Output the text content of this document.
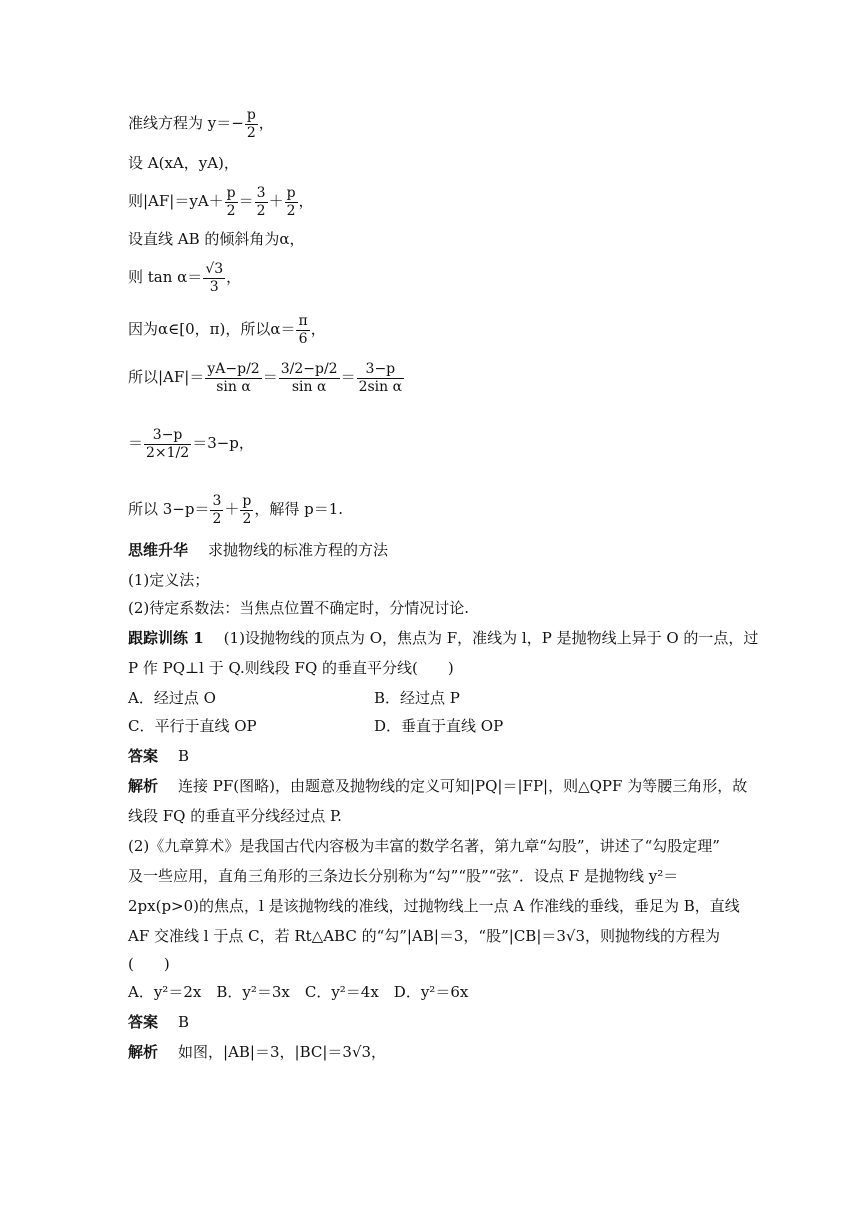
准线方程为 $y=- \frac{p}{2}$ ，
设 A(xA，yA)，
则$|AF|=yA+ \frac{p}{2} = \frac{3}{2} + \frac{p}{2}$ ，
设直线 AB 的倾斜角为α，
则 $\tan \alpha= \frac{√3}{3}$ ，
因为α∈[0，π)，所以$\alpha= \frac{\pi}{6}$ ，
所以$|AF|= \frac{yA-p/2}{\text{sin α}} = \frac{3/2-p/2}{\text{sin α}} = \frac{3-p}{\text{2sin α}}$
＝ $\frac{3-p}{2\times 1/2} =3-p$，
所以 $3-p= \frac{3}{2} + \frac{p}{2}$ ，解得 p＝1.
思维升华 求抛物线的标准方程的方法
(1)定义法；
(2)待定系数法：当焦点位置不确定时，分情况讨论.
跟踪训练 1 (1)设抛物线的顶点为 O，焦点为 F，准线为 l，P 是抛物线上异于 O 的一点，过
P 作 PQ⊥l 于 Q.则线段 FQ 的垂直平分线(　　)
A．经过点 O	B．经过点 P
C．平行于直线 OP	D．垂直于直线 OP
答案 B
解析 连接 PF(图略)，由题意及抛物线的定义可知|PQ|＝|FP|，则△QPF 为等腰三角形，故
线段 FQ 的垂直平分线经过点 P.
(2)《九章算术》是我国古代内容极为丰富的数学名著，第九章“勾股”，讲述了“勾股定理”
及一些应用，直角三角形的三条边长分别称为“勾”“股”“弦”．设点 F 是抛物线 y²＝
2px(p>0)的焦点，l 是该抛物线的准线，过抛物线上一点 A 作准线的垂线，垂足为 B，直线
AF 交准线 l 于点 C，若 Rt△ABC 的“勾”|AB|＝3，“股”|CB|＝3√3，则抛物线的方程为
(　　)
A．y²＝2x　B．y²＝3x　C．y²＝4x　D．y²＝6x
答案 B
解析 如图，|AB|＝3，|BC|＝3√3，
